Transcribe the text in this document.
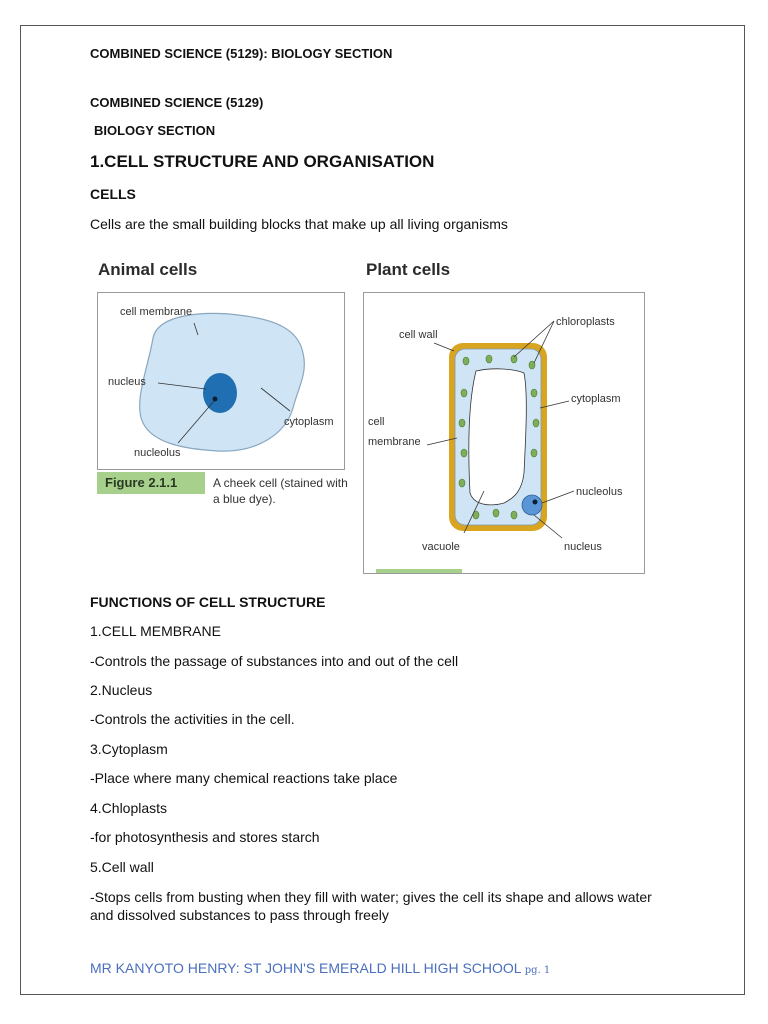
COMBINED SCIENCE (5129): BIOLOGY SECTION
COMBINED SCIENCE (5129)
BIOLOGY SECTION
1.CELL STRUCTURE AND ORGANISATION
CELLS
Cells are the small building blocks that make up all living organisms
Animal cells
cell membrane
nucleus
cytoplasm
nucleolus
Figure 2.1.1	A cheek cell (stained with a blue dye).
Plant cells
cell wall
chloroplasts
cytoplasm
cell
membrane
nucleolus
vacuole	nucleus
FUNCTIONS OF CELL STRUCTURE
1.CELL MEMBRANE
-Controls the passage of substances into and out of the cell
2.Nucleus
-Controls the activities in the cell.
3.Cytoplasm
-Place where many chemical reactions take place
4.Chloplasts
-for photosynthesis and stores starch
5.Cell wall
-Stops cells from busting when they fill with water; gives the cell its shape and allows water and dissolved substances to pass through freely
MR KANYOTO HENRY: ST JOHN'S EMERALD HILL HIGH SCHOOL pg. 1
